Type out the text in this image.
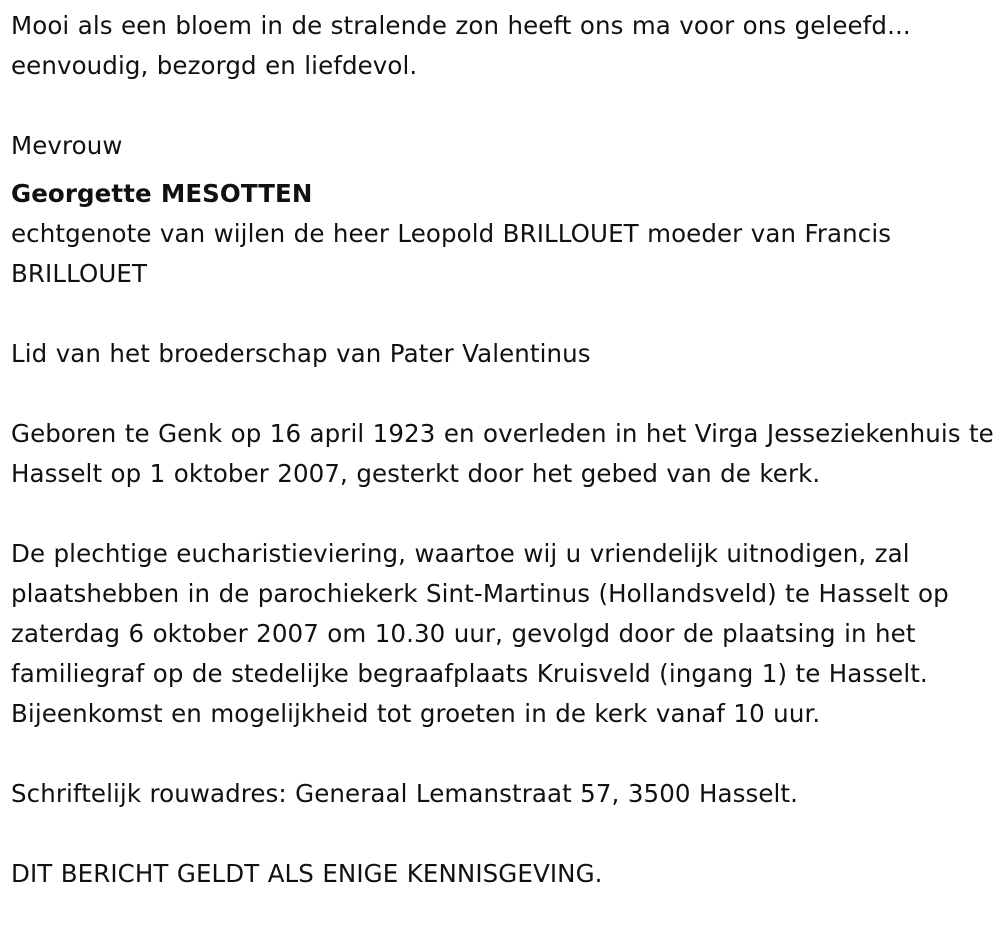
Mooi als een bloem in de stralende zon heeft ons ma voor ons geleefd...

eenvoudig, bezorgd en liefdevol.

Mevrouw

Georgette MESOTTEN

echtgenote van wijlen de heer Leopold BRILLOUET moeder van Francis BRILLOUET

Lid van het broederschap van Pater Valentinus

Geboren te Genk op 16 april 1923 en overleden in het Virga Jesseziekenhuis te Hasselt op 1 oktober 2007, gesterkt door het gebed van de kerk.

De plechtige eucharistieviering, waartoe wij u vriendelijk uitnodigen, zal plaatshebben in de parochiekerk Sint-Martinus (Hollandsveld) te Hasselt op zaterdag 6 oktober 2007 om 10.30 uur, gevolgd door de plaatsing in het familiegraf op de stedelijke begraafplaats Kruisveld (ingang 1) te Hasselt. Bijeenkomst en mogelijkheid tot groeten in de kerk vanaf 10 uur.

Schriftelijk rouwadres: Generaal Lemanstraat 57, 3500 Hasselt.

DIT BERICHT GELDT ALS ENIGE KENNISGEVING.
